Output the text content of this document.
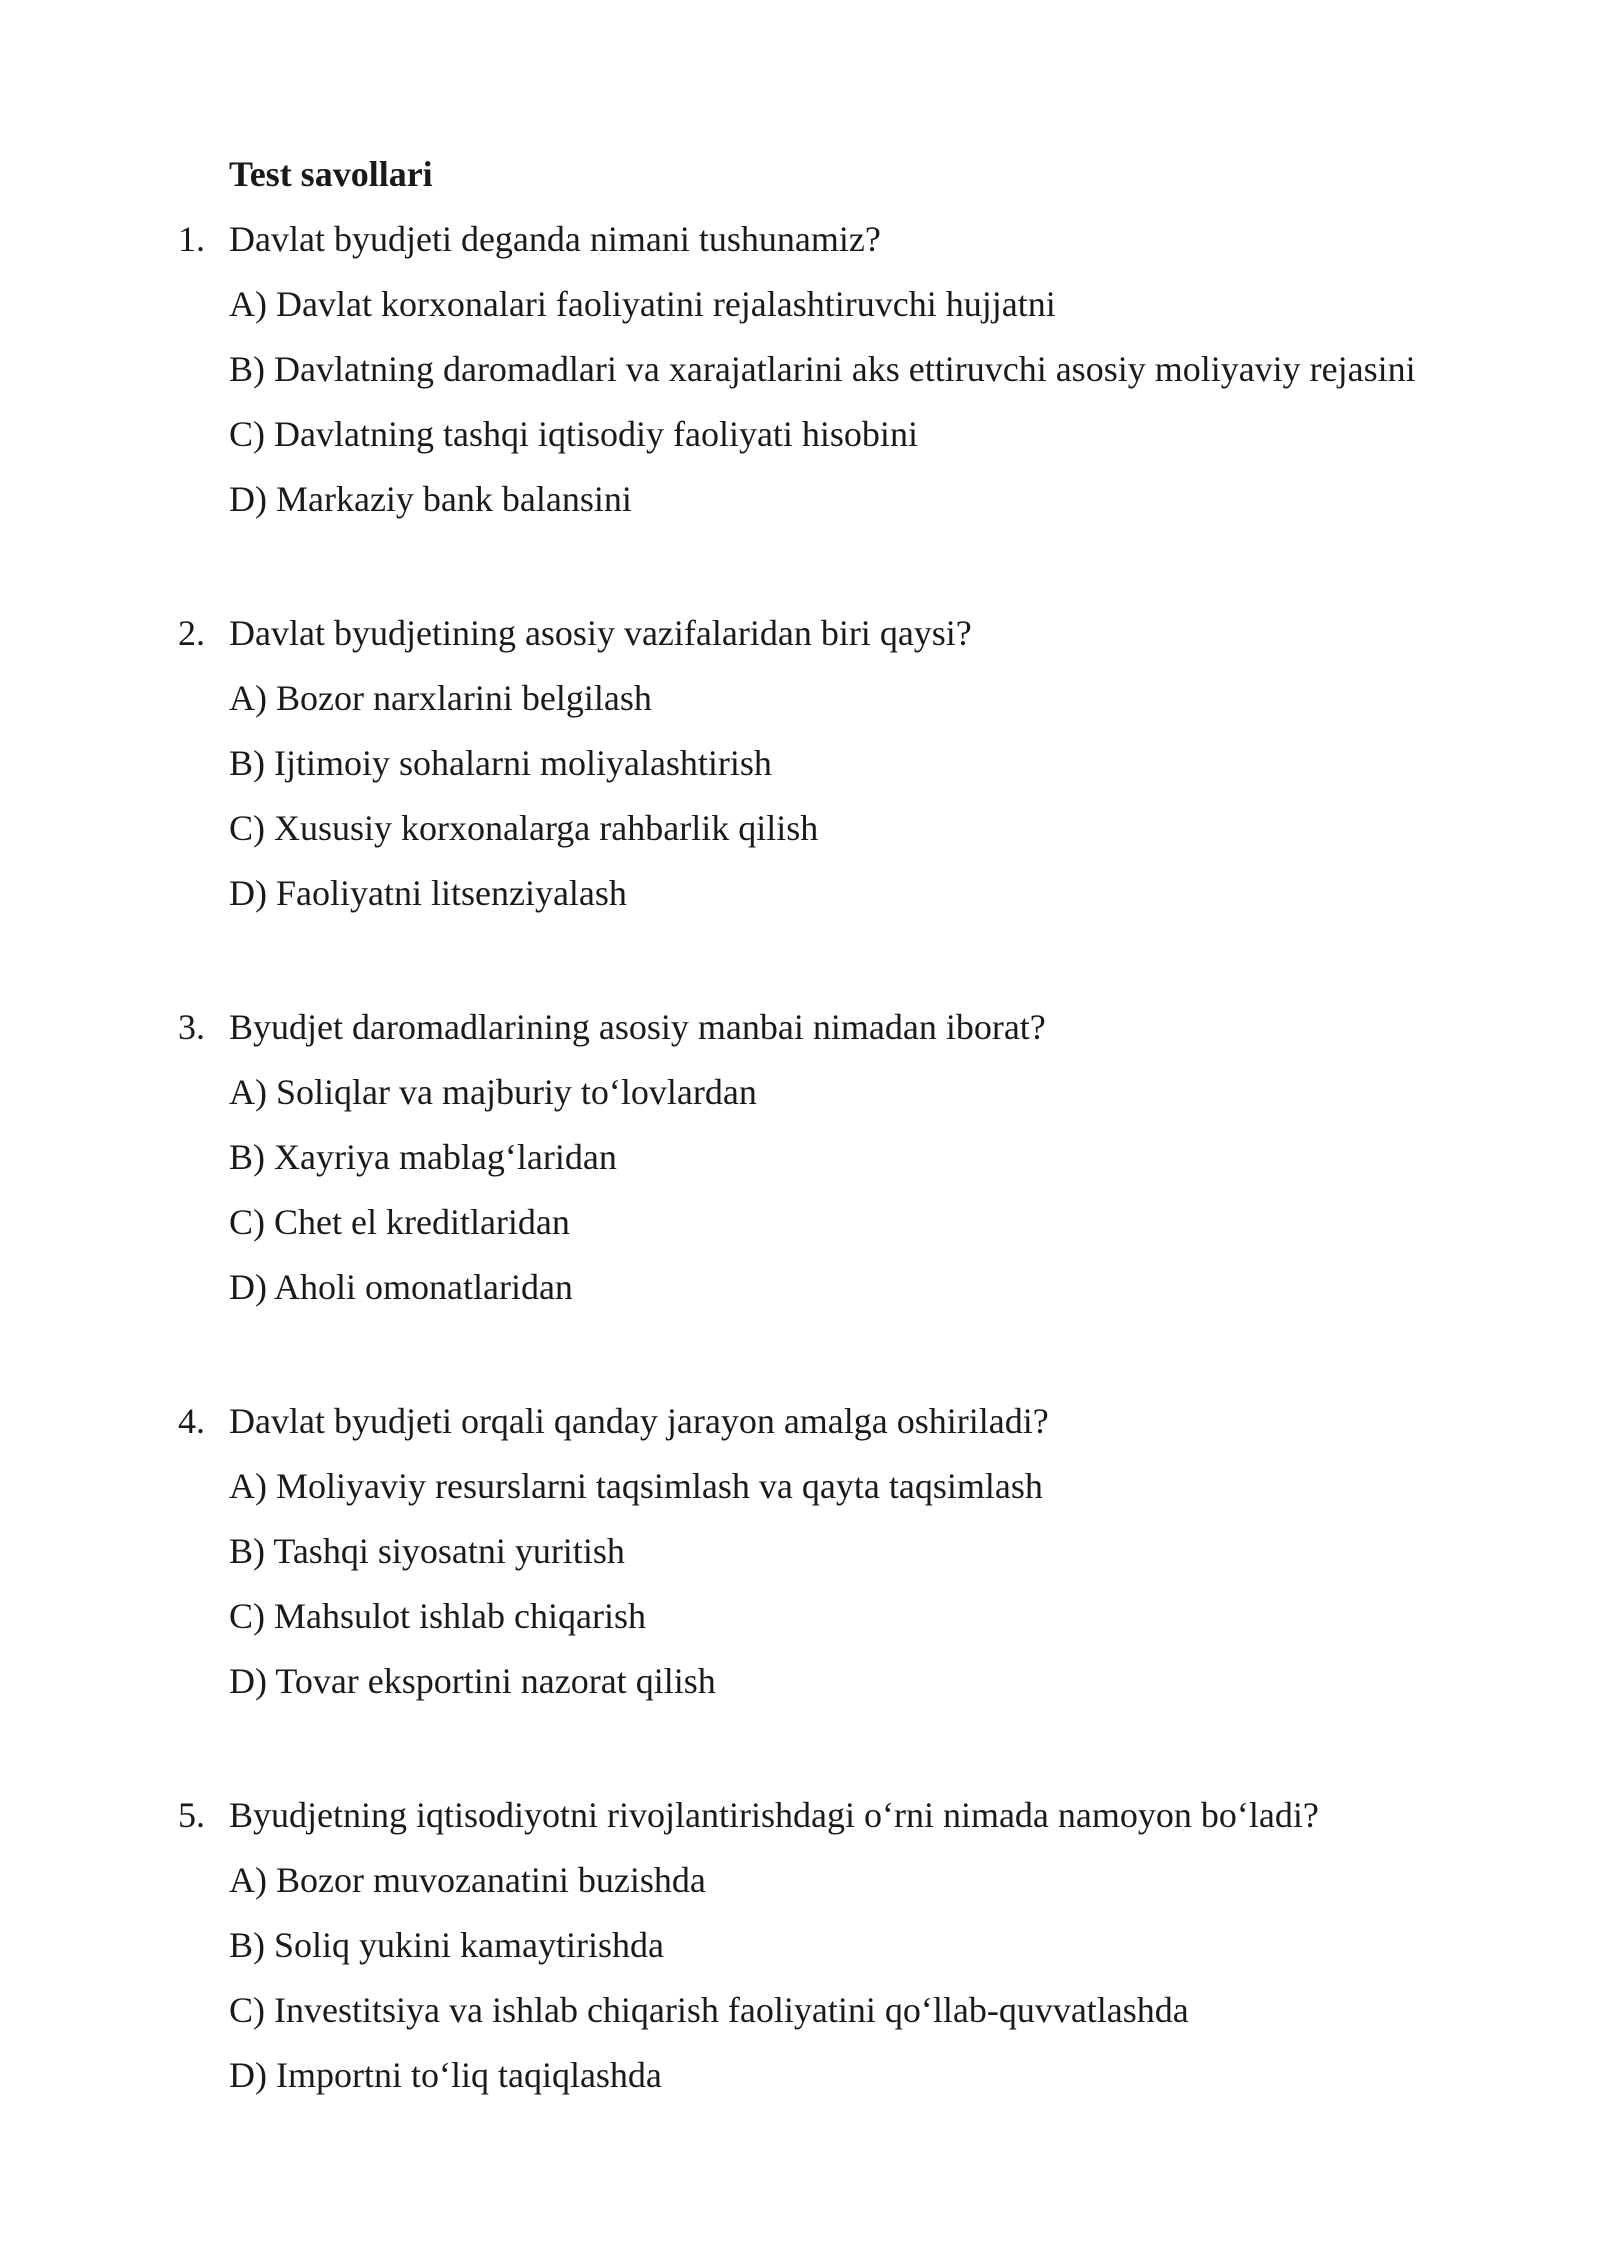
Test savollari
1. Davlat byudjeti deganda nimani tushunamiz?
A) Davlat korxonalari faoliyatini rejalashtiruvchi hujjatni
B) Davlatning daromadlari va xarajatlarini aks ettiruvchi asosiy moliyaviy rejasini
C) Davlatning tashqi iqtisodiy faoliyati hisobini
D) Markaziy bank balansini
2. Davlat byudjetining asosiy vazifalaridan biri qaysi?
A) Bozor narxlarini belgilash
B) Ijtimoiy sohalarni moliyalashtirish
C) Xususiy korxonalarga rahbarlik qilish
D) Faoliyatni litsenziyalash
3. Byudjet daromadlarining asosiy manbai nimadan iborat?
A) Soliqlar va majburiy to‘lovlardan
B) Xayriya mablag‘laridan
C) Chet el kreditlaridan
D) Aholi omonatlaridan
4. Davlat byudjeti orqali qanday jarayon amalga oshiriladi?
A) Moliyaviy resurslarni taqsimlash va qayta taqsimlash
B) Tashqi siyosatni yuritish
C) Mahsulot ishlab chiqarish
D) Tovar eksportini nazorat qilish
5. Byudjetning iqtisodiyotni rivojlantirishdagi o‘rni nimada namoyon bo‘ladi?
A) Bozor muvozanatini buzishda
B) Soliq yukini kamaytirishda
C) Investitsiya va ishlab chiqarish faoliyatini qo‘llab-quvvatlashda
D) Importni to‘liq taqiqlashda
